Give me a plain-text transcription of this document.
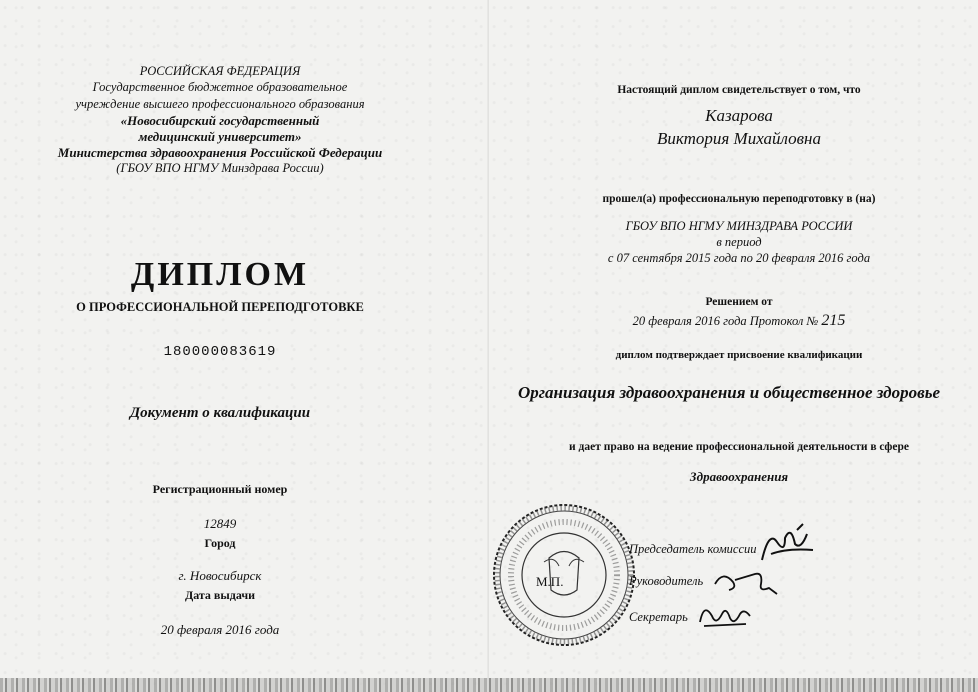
РОССИЙСКАЯ ФЕДЕРАЦИЯ
Государственное бюджетное образовательное
учреждение высшего профессионального образования
«Новосибирский государственный
медицинский университет»
Министерства здравоохранения Российской Федерации
(ГБОУ ВПО НГМУ Минздрава России)
ДИПЛОМ
О ПРОФЕССИОНАЛЬНОЙ ПЕРЕПОДГОТОВКЕ
180000083619
Документ о квалификации
Регистрационный номер
12849
Город
г. Новосибирск
Дата выдачи
20 февраля 2016 года
Настоящий диплом свидетельствует о том, что
Казарова
Виктория Михайловна
прошел(а) профессиональную переподготовку в (на)
ГБОУ ВПО НГМУ МИНЗДРАВА РОССИИ
в период
с 07 сентября 2015 года по 20 февраля 2016 года
Решением от
20 февраля 2016 года Протокол № 215
диплом подтверждает присвоение квалификации
Организация здравоохранения и общественное здоровье
и дает право на ведение профессиональной деятельности в сфере
Здравоохранения
М.П.
Председатель комиссии
Руководитель
Секретарь
